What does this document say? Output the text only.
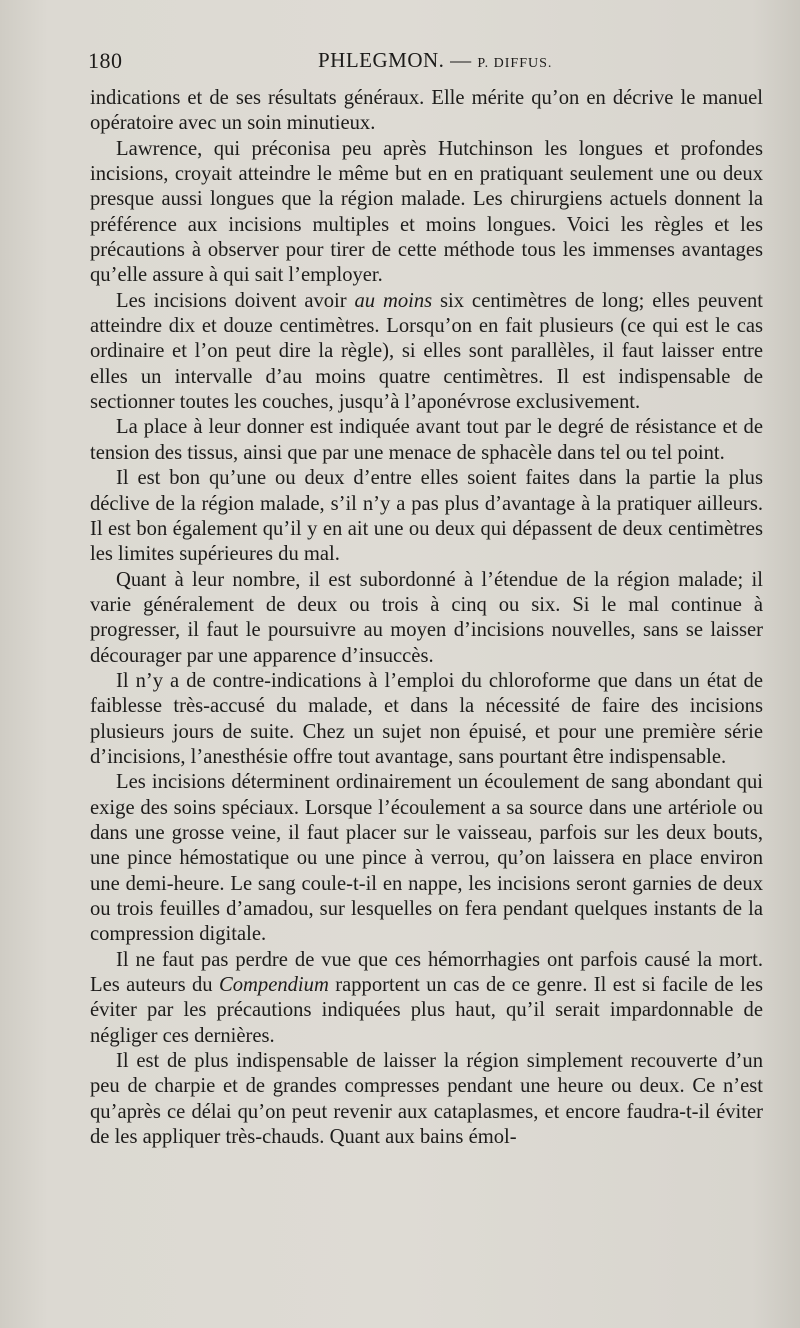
180	PHLEGMON. — P. DIFFUS.

indications et de ses résultats généraux. Elle mérite qu’on en décrive le manuel opératoire avec un soin minutieux.

Lawrence, qui préconisa peu après Hutchinson les longues et profondes incisions, croyait atteindre le même but en en pratiquant seulement une ou deux presque aussi longues que la région malade. Les chirurgiens actuels donnent la préférence aux incisions multiples et moins longues. Voici les règles et les précautions à observer pour tirer de cette méthode tous les immenses avantages qu’elle assure à qui sait l’employer.

Les incisions doivent avoir au moins six centimètres de long; elles peuvent atteindre dix et douze centimètres. Lorsqu’on en fait plusieurs (ce qui est le cas ordinaire et l’on peut dire la règle), si elles sont parallèles, il faut laisser entre elles un intervalle d’au moins quatre centimètres. Il est indispensable de sectionner toutes les couches, jusqu’à l’aponévrose exclusivement.

La place à leur donner est indiquée avant tout par le degré de résistance et de tension des tissus, ainsi que par une menace de sphacèle dans tel ou tel point.

Il est bon qu’une ou deux d’entre elles soient faites dans la partie la plus déclive de la région malade, s’il n’y a pas plus d’avantage à la pratiquer ailleurs. Il est bon également qu’il y en ait une ou deux qui dépassent de deux centimètres les limites supérieures du mal.

Quant à leur nombre, il est subordonné à l’étendue de la région malade; il varie généralement de deux ou trois à cinq ou six. Si le mal continue à progresser, il faut le poursuivre au moyen d’incisions nouvelles, sans se laisser décourager par une apparence d’insuccès.

Il n’y a de contre-indications à l’emploi du chloroforme que dans un état de faiblesse très-accusé du malade, et dans la nécessité de faire des incisions plusieurs jours de suite. Chez un sujet non épuisé, et pour une première série d’incisions, l’anesthésie offre tout avantage, sans pourtant être indispensable.

Les incisions déterminent ordinairement un écoulement de sang abondant qui exige des soins spéciaux. Lorsque l’écoulement a sa source dans une artériole ou dans une grosse veine, il faut placer sur le vaisseau, parfois sur les deux bouts, une pince hémostatique ou une pince à verrou, qu’on laissera en place environ une demi-heure. Le sang coule-t-il en nappe, les incisions seront garnies de deux ou trois feuilles d’amadou, sur lesquelles on fera pendant quelques instants de la compression digitale.

Il ne faut pas perdre de vue que ces hémorrhagies ont parfois causé la mort. Les auteurs du Compendium rapportent un cas de ce genre. Il est si facile de les éviter par les précautions indiquées plus haut, qu’il serait impardonnable de négliger ces dernières.

Il est de plus indispensable de laisser la région simplement recouverte d’un peu de charpie et de grandes compresses pendant une heure ou deux. Ce n’est qu’après ce délai qu’on peut revenir aux cataplasmes, et encore faudra-t-il éviter de les appliquer très-chauds. Quant aux bains émol-
